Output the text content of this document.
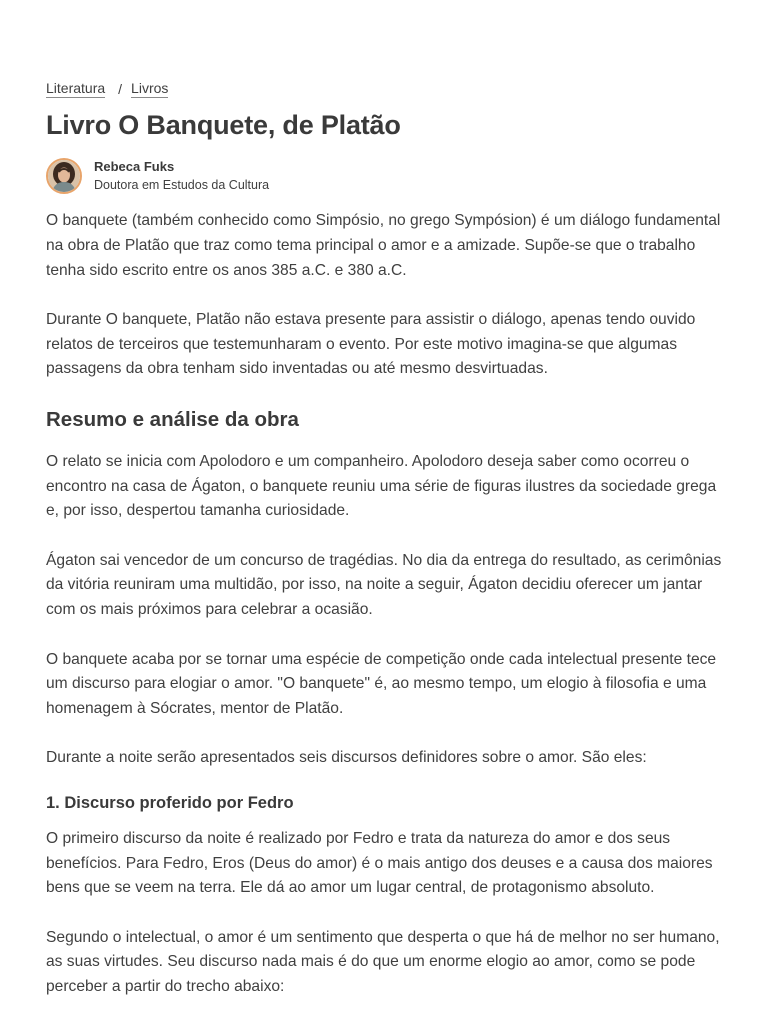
Literatura / Livros
Livro O Banquete, de Platão
Rebeca Fuks
Doutora em Estudos da Cultura

O banquete (também conhecido como Simpósio, no grego Sympósion) é um diálogo fundamental na obra de Platão que traz como tema principal o amor e a amizade. Supõe-se que o trabalho tenha sido escrito entre os anos 385 a.C. e 380 a.C.

Durante O banquete, Platão não estava presente para assistir o diálogo, apenas tendo ouvido relatos de terceiros que testemunharam o evento. Por este motivo imagina-se que algumas passagens da obra tenham sido inventadas ou até mesmo desvirtuadas.

Resumo e análise da obra

O relato se inicia com Apolodoro e um companheiro. Apolodoro deseja saber como ocorreu o encontro na casa de Ágaton, o banquete reuniu uma série de figuras ilustres da sociedade grega e, por isso, despertou tamanha curiosidade.

Ágaton sai vencedor de um concurso de tragédias. No dia da entrega do resultado, as cerimônias da vitória reuniram uma multidão, por isso, na noite a seguir, Ágaton decidiu oferecer um jantar com os mais próximos para celebrar a ocasião.

O banquete acaba por se tornar uma espécie de competição onde cada intelectual presente tece um discurso para elogiar o amor. "O banquete" é, ao mesmo tempo, um elogio à filosofia e uma homenagem à Sócrates, mentor de Platão.

Durante a noite serão apresentados seis discursos definidores sobre o amor. São eles:

1. Discurso proferido por Fedro

O primeiro discurso da noite é realizado por Fedro e trata da natureza do amor e dos seus benefícios. Para Fedro, Eros (Deus do amor) é o mais antigo dos deuses e a causa dos maiores bens que se veem na terra. Ele dá ao amor um lugar central, de protagonismo absoluto.

Segundo o intelectual, o amor é um sentimento que desperta o que há de melhor no ser humano, as suas virtudes. Seu discurso nada mais é do que um enorme elogio ao amor, como se pode perceber a partir do trecho abaixo:
